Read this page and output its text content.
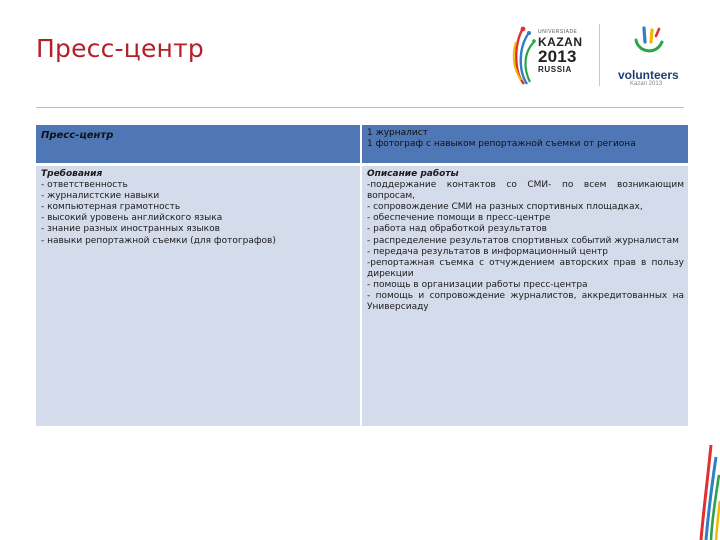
Пресс-центр
UNIVERSIADE
KAZAN
2013
RUSSIA	volunteers
Kazan 2013
Пресс-центр	1 журналист
1 фотограф с навыком репортажной съемки от региона
Требования
- ответственность
- журналистские навыки
- компьютерная грамотность
- высокий уровень английского языка
- знание разных иностранных языков
- навыки репортажной съемки (для фотографов)
Описание работы
-поддержание контактов со СМИ- по всем возникающим вопросам,
- сопровождение СМИ на разных спортивных площадках,
- обеспечение помощи в пресс-центре
- работа над обработкой результатов
- распределение результатов спортивных событий журналистам
- передача результатов в информационный центр
-репортажная съемка с отчуждением авторских прав в пользу дирекции
- помощь в организации работы пресс-центра
- помощь и сопровождение журналистов, аккредитованных на Универсиаду
